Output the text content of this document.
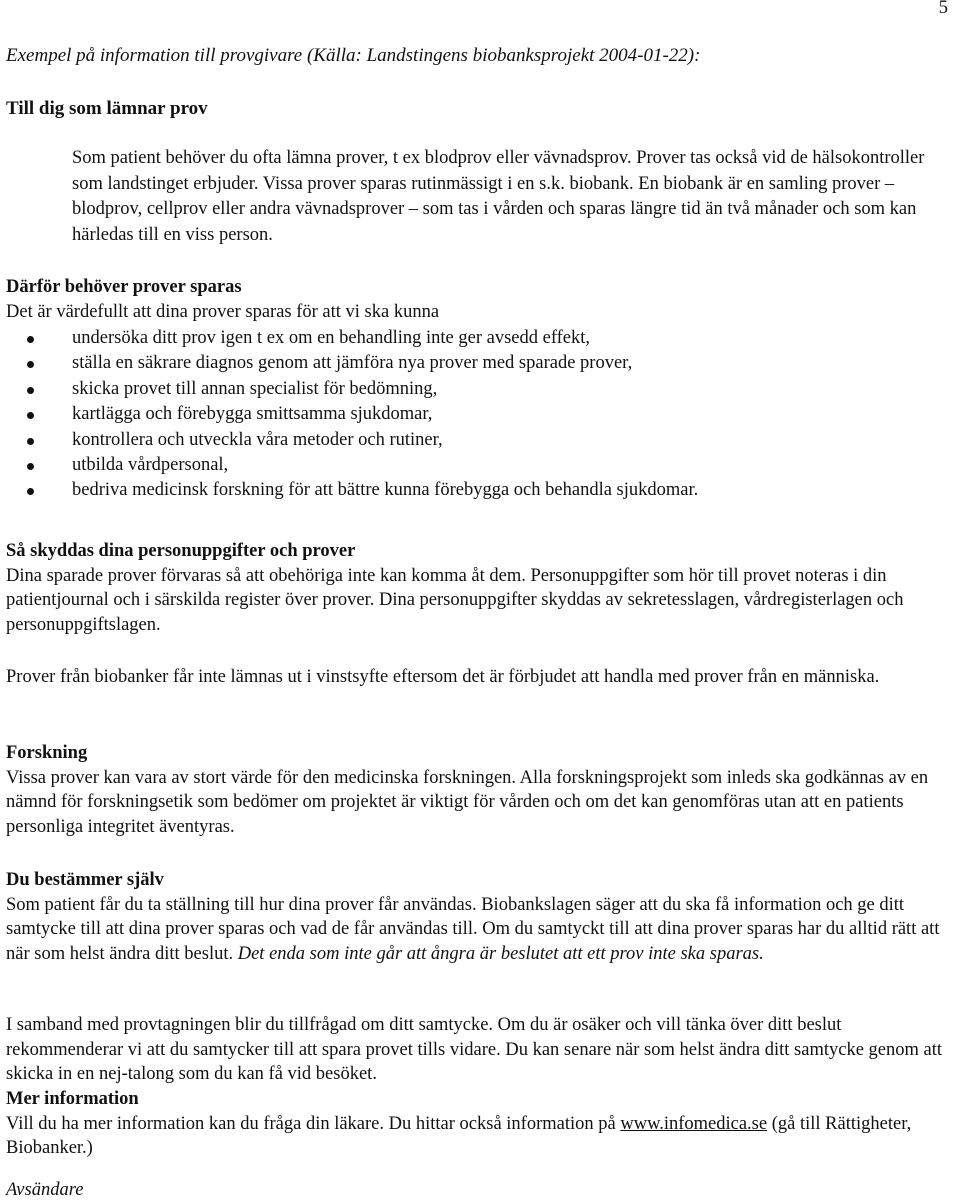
5
Exempel på information till provgivare (Källa: Landstingens biobanksprojekt 2004-01-22):
Till dig som lämnar prov

Som patient behöver du ofta lämna prover, t ex blodprov eller vävnadsprov. Prover tas också vid de hälsokontroller som landstinget erbjuder. Vissa prover sparas rutinmässigt i en s.k. biobank. En biobank är en samling prover – blodprov, cellprov eller andra vävnadsprover – som tas i vården och sparas längre tid än två månader och som kan härledas till en viss person.

Därför behöver prover sparas

Det är värdefullt att dina prover sparas för att vi ska kunna

undersöka ditt prov igen t ex om en behandling inte ger avsedd effekt,
ställa en säkrare diagnos genom att jämföra nya prover med sparade prover,
skicka provet till annan specialist för bedömning,
kartlägga och förebygga smittsamma sjukdomar,
kontrollera och utveckla våra metoder och rutiner,
utbilda vårdpersonal,
bedriva medicinsk forskning för att bättre kunna förebygga och behandla sjukdomar.

Så skyddas dina personuppgifter och prover

Dina sparade prover förvaras så att obehöriga inte kan komma åt dem. Personuppgifter som hör till provet noteras i din patientjournal och i särskilda register över prover. Dina personuppgifter skyddas av sekretesslagen, vårdregisterlagen och personuppgiftslagen.

Prover från biobanker får inte lämnas ut i vinstsyfte eftersom det är förbjudet att handla med prover från en människa.

Forskning

Vissa prover kan vara av stort värde för den medicinska forskningen. Alla forskningsprojekt som inleds ska godkännas av en nämnd för forskningsetik som bedömer om projektet är viktigt för vården och om det kan genomföras utan att en patients personliga integritet äventyras.

Du bestämmer själv

Som patient får du ta ställning till hur dina prover får användas. Biobankslagen säger att du ska få information och ge ditt samtycke till att dina prover sparas och vad de får användas till. Om du samtyckt till att dina prover sparas har du alltid rätt att när som helst ändra ditt beslut. Det enda som inte går att ångra är beslutet att ett prov inte ska sparas.

I samband med provtagningen blir du tillfrågad om ditt samtycke. Om du är osäker och vill tänka över ditt beslut rekommenderar vi att du samtycker till att spara provet tills vidare. Du kan senare när som helst ändra ditt samtycke genom att skicka in en nej-talong som du kan få vid besöket.

Mer information

Vill du ha mer information kan du fråga din läkare. Du hittar också information på www.infomedica.se (gå till Rättigheter, Biobanker.)

Avsändare
